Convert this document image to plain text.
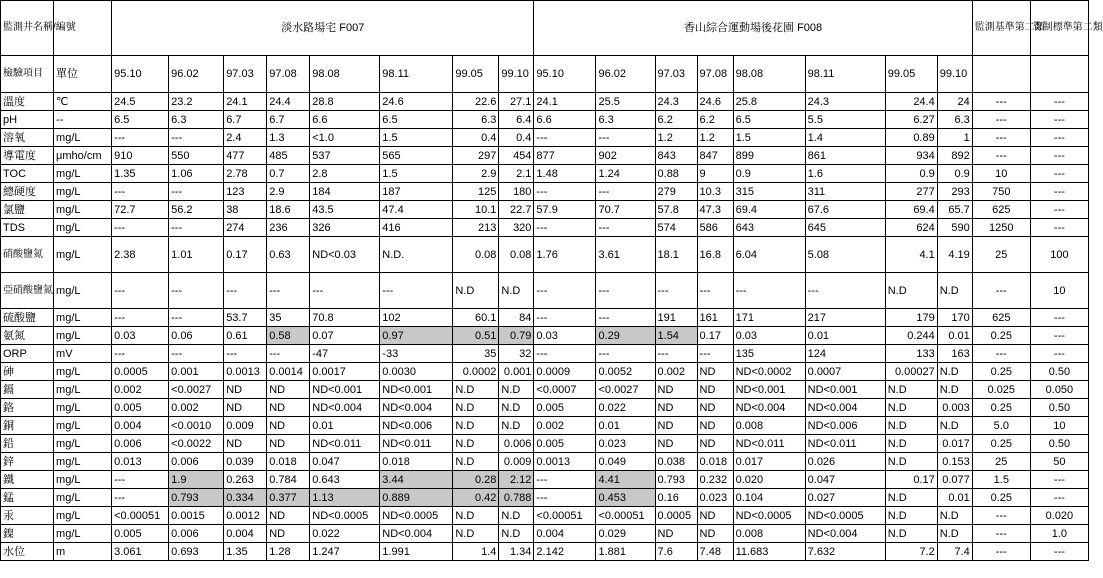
監測井名稱/編號		淡水路場宅 F007								香山綜合運動場後花園 F008								監測基準第二類	管制標準第二類
檢驗項目	單位	95.10	96.02	97.03	97.08	98.08	98.11	99.05	99.10	95.10	96.02	97.03	97.08	98.08	98.11	99.05	99.10		
溫度	℃	24.5	23.2	24.1	24.4	28.8	24.6	22.6	27.1	24.1	25.5	24.3	24.6	25.8	24.3	24.4	24	---	---
pH	--	6.5	6.3	6.7	6.7	6.6	6.5	6.3	6.4	6.6	6.3	6.2	6.2	6.5	5.5	6.27	6.3	---	---
溶氧	mg/L	---	---	2.4	1.3	<1.0	1.5	0.4	0.4	---	---	1.2	1.2	1.5	1.4	0.89	1	---	---
導電度	μmho/cm	910	550	477	485	537	565	297	454	877	902	843	847	899	861	934	892	---	---
TOC	mg/L	1.35	1.06	2.78	0.7	2.8	1.5	2.9	2.1	1.48	1.24	0.88	9	0.9	1.6	0.9	0.9	10	---
總硬度	mg/L	---	---	123	2.9	184	187	125	180	---	---	279	10.3	315	311	277	293	750	---
氯鹽	mg/L	72.7	56.2	38	18.6	43.5	47.4	10.1	22.7	57.9	70.7	57.8	47.3	69.4	67.6	69.4	65.7	625	---
TDS	mg/L	---	---	274	236	326	416	213	320	---	---	574	586	643	645	624	590	1250	---
硝酸鹽氮	mg/L	2.38	1.01	0.17	0.63	ND<0.03	N.D.	0.08	0.08	1.76	3.61	18.1	16.8	6.04	5.08	4.1	4.19	25	100
亞硝酸鹽氮	mg/L	---	---	---	---	---	---	N.D	N.D	---	---	---	---	---	---	N.D	N.D	---	10
硫酸鹽	mg/L	---	---	53.7	35	70.8	102	60.1	84	---	---	191	161	171	217	179	170	625	---
氨氮	mg/L	0.03	0.06	0.61	0.58	0.07	0.97	0.51	0.79	0.03	0.29	1.54	0.17	0.03	0.01	0.244	0.01	0.25	---
ORP	mV	---	---	---	---	-47	-33	35	32	---	---	---	---	135	124	133	163	---	---
砷	mg/L	0.0005	0.001	0.0013	0.0014	0.0017	0.0030	0.0002	0.001	0.0009	0.0052	0.002	ND	ND<0.0002	0.0007	0.00027	N.D	0.25	0.50
鎘	mg/L	0.002	<0.0027	ND	ND	ND<0.001	ND<0.001	N.D	N.D	<0.0007	<0.0027	ND	ND	ND<0.001	ND<0.001	N.D	N.D	0.025	0.050
鉻	mg/L	0.005	0.002	ND	ND	ND<0.004	ND<0.004	N.D	N.D	0.005	0.022	ND	ND	ND<0.004	ND<0.004	N.D	0.003	0.25	0.50
銅	mg/L	0.004	<0.0010	0.009	ND	0.01	ND<0.006	N.D	N.D	0.002	0.01	ND	ND	0.008	ND<0.006	N.D	N.D	5.0	10
鉛	mg/L	0.006	<0.0022	ND	ND	ND<0.011	ND<0.011	N.D	0.006	0.005	0.023	ND	ND	ND<0.011	ND<0.011	N.D	0.017	0.25	0.50
鋅	mg/L	0.013	0.006	0.039	0.018	0.047	0.018	N.D	0.009	0.0013	0.049	0.038	0.018	0.017	0.026	N.D	0.153	25	50
鐵	mg/L	---	1.9	0.263	0.784	0.643	3.44	0.28	2.12	---	4.41	0.793	0.232	0.020	0.047	0.17	0.077	1.5	---
錳	mg/L	---	0.793	0.334	0.377	1.13	0.889	0.42	0.788	---	0.453	0.16	0.023	0.104	0.027	N.D	0.01	0.25	---
汞	mg/L	<0.00051	0.0015	0.0012	ND	ND<0.0005	ND<0.0005	N.D	N.D	<0.00051	<0.00051	0.0005	ND	ND<0.0005	ND<0.0005	N.D	N.D	---	0.020
鎳	mg/L	0.005	0.006	0.004	ND	0.022	ND<0.004	N.D	N.D	0.004	0.029	ND	ND	0.008	ND<0.004	N.D	N.D	---	1.0
水位	m	3.061	0.693	1.35	1.28	1.247	1.991	1.4	1.34	2.142	1.881	7.6	7.48	11.683	7.632	7.2	7.4	---	---
